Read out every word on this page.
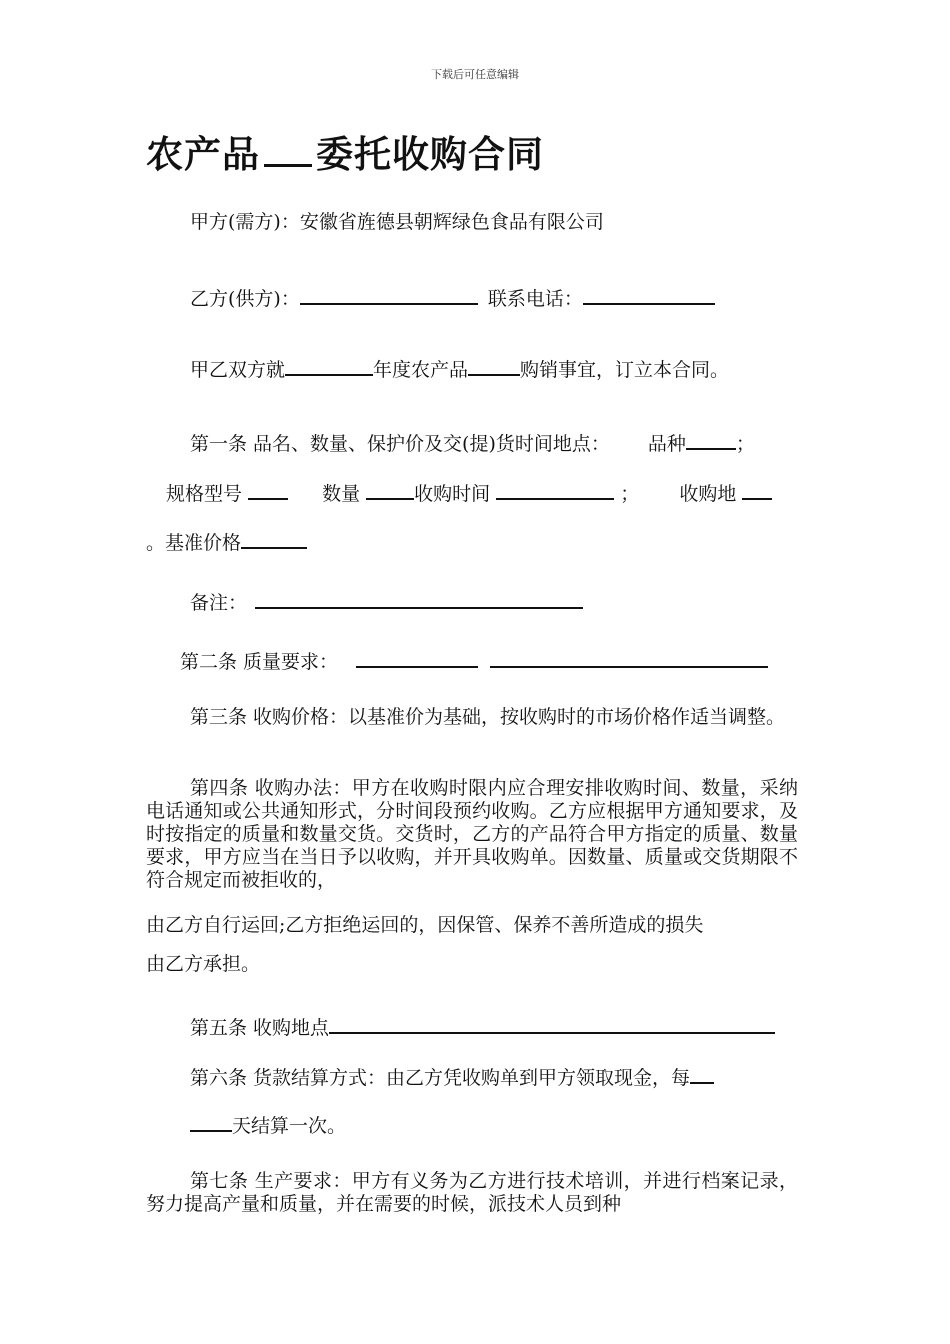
下载后可任意编辑
农产品 委托收购合同
甲方(需方)：安徽省旌德县朝辉绿色食品有限公司
乙方(供方)：	联系电话：
甲乙双方就	年度农产品	购销事宜，订立本合同。
第一条 品名、数量、保护价及交(提)货时间地点： 品种	；
规格型号	数量	收购时间	； 收购地
。基准价格
备注：
第二条 质量要求：

第三条 收购价格：以基准价为基础，按收购时的市场价格作适当调整。

第四条 收购办法：甲方在收购时限内应合理安排收购时间、数量，采纳电话通知或公共通知形式，分时间段预约收购。乙方应根据甲方通知要求，及时按指定的质量和数量交货。交货时，乙方的产品符合甲方指定的质量、数量要求，甲方应当在当日予以收购，并开具收购单。因数量、质量或交货期限不符合规定而被拒收的，

由乙方自行运回;乙方拒绝运回的，因保管、保养不善所造成的损失

由乙方承担。

第五条 收购地点
第六条 货款结算方式：由乙方凭收购单到甲方领取现金，每
天结算一次。

第七条 生产要求：甲方有义务为乙方进行技术培训，并进行档案记录，努力提高产量和质量，并在需要的时候，派技术人员到种
